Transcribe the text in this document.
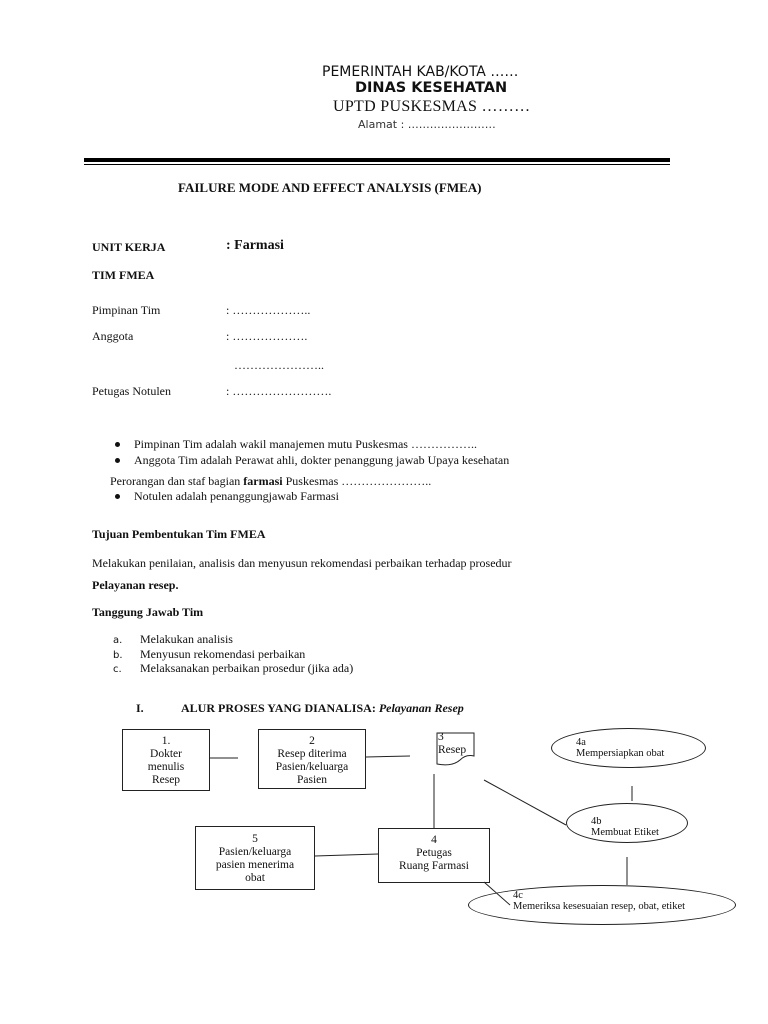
PEMERINTAH KAB/KOTA ……
DINAS KESEHATAN
UPTD PUSKESMAS ………
Alamat : ……………………
FAILURE MODE AND EFFECT ANALYSIS (FMEA)
UNIT KERJA	: Farmasi
TIM FMEA
Pimpinan Tim	: ………………..
Anggota	: ……………….
…………………..
Petugas Notulen	: …………………….
Pimpinan Tim adalah wakil manajemen mutu Puskesmas ……………..
Anggota Tim adalah Perawat ahli, dokter penanggung jawab Upaya kesehatan
Perorangan dan staf bagian farmasi Puskesmas …………………..
Notulen adalah penanggungjawab Farmasi
Tujuan Pembentukan Tim FMEA
Melakukan penilaian, analisis dan menyusun rekomendasi perbaikan terhadap prosedur
Pelayanan resep.
Tanggung Jawab Tim
a. Melakukan analisis
b. Menyusun rekomendasi perbaikan
c. Melaksanakan perbaikan prosedur (jika ada)
I.	ALUR PROSES YANG DIANALISA: Pelayanan Resep
1.
Dokter
menulis
Resep
2
Resep diterima
Pasien/keluarga
Pasien
3
Resep
4a
Mempersiapkan obat
4b
Membuat Etiket
4
Petugas
Ruang Farmasi
5
Pasien/keluarga
pasien menerima
obat
4c
Memeriksa kesesuaian resep, obat, etiket
